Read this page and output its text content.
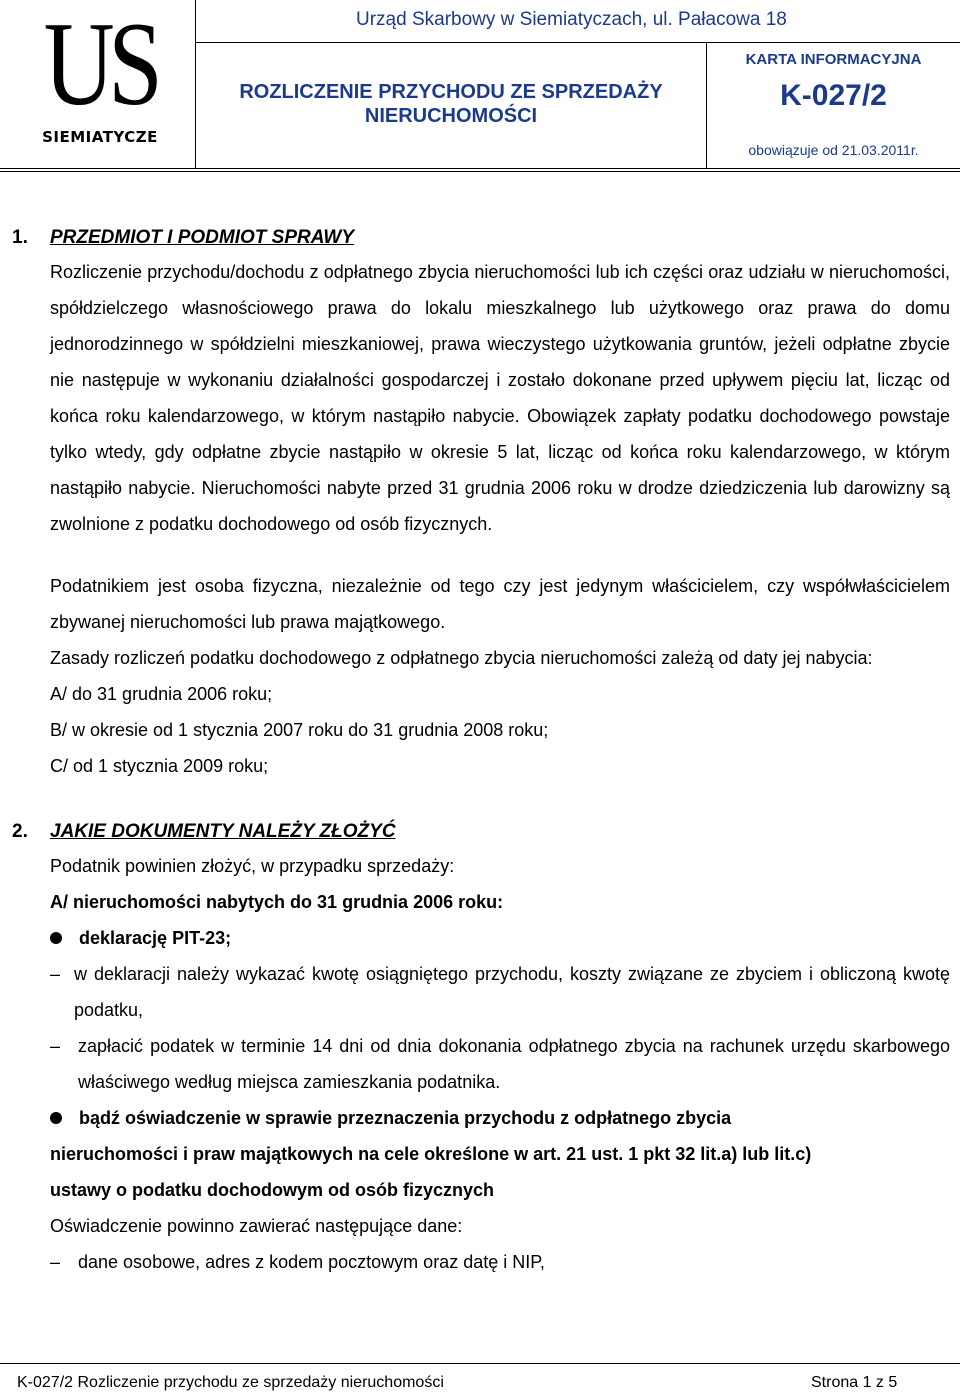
US
SIEMIATYCZE
Urząd Skarbowy w Siemiatyczach, ul. Pałacowa 18
ROZLICZENIE PRZYCHODU ZE SPRZEDAŻY
NIERUCHOMOŚCI
KARTA INFORMACYJNA
K-027/2
obowiązuje od 21.03.2011r.
1. PRZEDMIOT I PODMIOT SPRAWY

Rozliczenie przychodu/dochodu z odpłatnego zbycia nieruchomości lub ich części oraz udziału w nieruchomości, spółdzielczego własnościowego prawa do lokalu mieszkalnego lub użytkowego oraz prawa do domu jednorodzinnego w spółdzielni mieszkaniowej, prawa wieczystego użytkowania gruntów, jeżeli odpłatne zbycie nie następuje w wykonaniu działalności gospodarczej i zostało dokonane przed upływem pięciu lat, licząc od końca roku kalendarzowego, w którym nastąpiło nabycie. Obowiązek zapłaty podatku dochodowego powstaje tylko wtedy, gdy odpłatne zbycie nastąpiło w okresie 5 lat, licząc od końca roku kalendarzowego, w którym nastąpiło nabycie. Nieruchomości nabyte przed 31 grudnia 2006 roku w drodze dziedziczenia lub darowizny są zwolnione z podatku dochodowego od osób fizycznych.

Podatnikiem jest osoba fizyczna, niezależnie od tego czy jest jedynym właścicielem, czy współwłaścicielem zbywanej nieruchomości lub prawa majątkowego.

Zasady rozliczeń podatku dochodowego z odpłatnego zbycia nieruchomości zależą od daty jej nabycia:

A/ do 31 grudnia 2006 roku;

B/ w okresie od 1 stycznia 2007 roku do 31 grudnia 2008 roku;

C/ od 1 stycznia 2009 roku;

2. JAKIE DOKUMENTY NALEŻY ZŁOŻYĆ

Podatnik powinien złożyć, w przypadku sprzedaży:

A/ nieruchomości nabytych do 31 grudnia 2006 roku:

deklarację PIT-23;
– w deklaracji należy wykazać kwotę osiągniętego przychodu, koszty związane ze zbyciem i obliczoną kwotę podatku,
– zapłacić podatek w terminie 14 dni od dnia dokonania odpłatnego zbycia na rachunek urzędu skarbowego właściwego według miejsca zamieszkania podatnika.
bądź oświadczenie w sprawie przeznaczenia przychodu z odpłatnego zbycia

nieruchomości i praw majątkowych na cele określone w art. 21 ust. 1 pkt 32 lit.a) lub lit.c)

ustawy o podatku dochodowym od osób fizycznych

Oświadczenie powinno zawierać następujące dane:

– dane osobowe, adres z kodem pocztowym oraz datę i NIP,
K-027/2 Rozliczenie przychodu ze sprzedaży nieruchomości	Strona 1 z 5
